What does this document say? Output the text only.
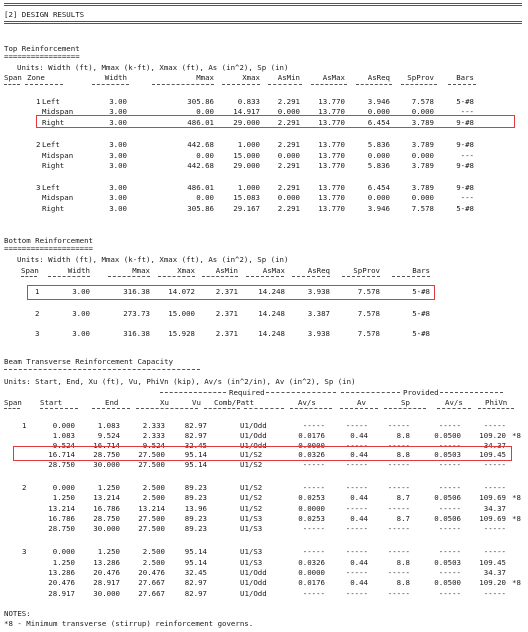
[2] DESIGN RESULTS
Top Reinforcement
=================
Units: Width (ft), Mmax (k-ft), Xmax (ft), As (in^2), Sp (in)
Span Zone	Width	Mmax	Xmax AsMin	AsMax	AsReq SpProv	Bars
1 Left	3.00	305.86	0.833 2.291 13.770	3.946	7.578	5-#8
Midspan	3.00	0.00	14.917 0.000 13.770	0.000	0.000	---
Right	3.00	486.01	29.000 2.291 13.770	6.454	3.789	9-#8
2 Left	3.00	442.68	1.000 2.291 13.770	5.836	3.789	9-#8
Midspan	3.00	0.00	15.000 0.000 13.770	0.000	0.000	---
Right	3.00	442.68	29.000 2.291 13.770	5.836	3.789	9-#8
3 Left	3.00	486.01	1.000 2.291 13.770	6.454	3.789	9-#8
Midspan	3.00	0.00	15.083 0.000 13.770	0.000	0.000	---
Right	3.00	305.86	29.167 2.291 13.770	3.946	7.578	5-#8
Bottom Reinforcement
====================
Units: Width (ft), Mmax (k-ft), Xmax (ft), As (in^2), Sp (in)
Span	Width	Mmax	Xmax	AsMin	AsMax	AsReq	SpProv	Bars
1	3.00	316.38 14.072	2.371	14.248	3.938	7.578	5-#8
2	3.00	273.73 15.000	2.371	14.248	3.387	7.578	5-#8
3	3.00	316.38 15.928	2.371	14.248	3.938	7.578	5-#8
Beam Transverse Reinforcement Capacity
Units: Start, End, Xu (ft), Vu, PhiVn (kip), Av/s (in^2/in), Av (in^2), Sp (in)
Required	Provided
Span Start	End	Xu	Vu Comb/Patt	Av/s	Av	Sp	Av/s	PhiVn
1	0.000	1.083	2.333	82.97	U1/Odd	-----	-----	-----	-----	-----
1.083	9.524	2.333	82.97	U1/Odd	0.0176	0.44	8.8	0.0500 109.20 *8
9.524 16.714	9.524	32.45	U1/Odd	0.0000	-----	-----	-----	34.37
16.714 28.750 27.500	95.14	U1/S2	0.0326	0.44	8.8	0.0503 109.45
28.750 30.000 27.500	95.14	U1/S2	-----	-----	-----	-----	-----
2	0.000	1.250	2.500	89.23	U1/S2	-----	-----	-----	-----	-----
1.250 13.214	2.500	89.23	U1/S2	0.0253	0.44	8.7	0.0506 109.69 *8
13.214 16.786 13.214	13.96	U1/S2	0.0000	-----	-----	-----	34.37
16.786 28.750 27.500	89.23	U1/S3	0.0253	0.44	8.7	0.0506 109.69 *8
28.750 30.000 27.500	89.23	U1/S3	-----	-----	-----	-----	-----
3	0.000	1.250	2.500	95.14	U1/S3	-----	-----	-----	-----	-----
1.250 13.286	2.500	95.14	U1/S3	0.0326	0.44	8.8	0.0503 109.45
13.286 20.476 20.476	32.45	U1/Odd	0.0000	-----	-----	-----	34.37
20.476 28.917 27.667	82.97	U1/Odd	0.0176	0.44	8.8	0.0500 109.20 *8
28.917 30.000 27.667	82.97	U1/Odd	-----	-----	-----	-----	-----
NOTES:
*8 - Minimum transverse (stirrup) reinforcement governs.
